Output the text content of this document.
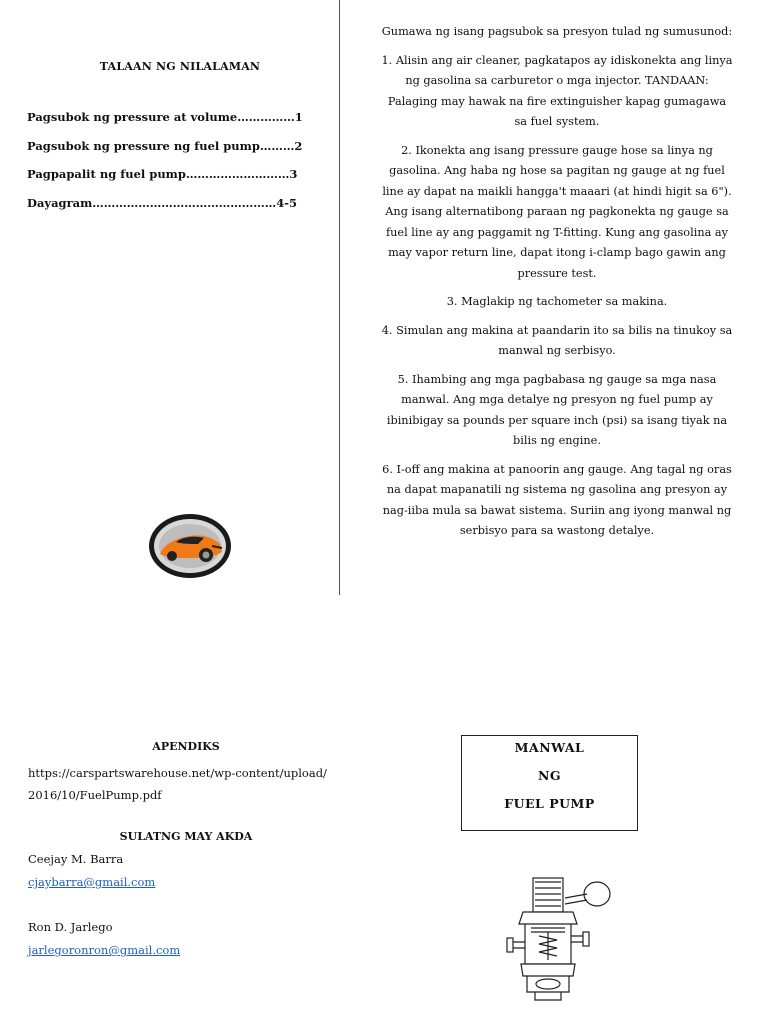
TALAAN NG NILALAMAN
Pagsubok ng pressure at volume……………1
Pagsubok ng pressure ng fuel pump………2
Pagpapalit ng fuel pump………………………3
Dayagram…………………………………………4-5

Gumawa ng isang pagsubok sa presyon tulad ng sumusunod:

1. Alisin ang air cleaner, pagkatapos ay idiskonekta ang linya ng gasolina sa carburetor o mga injector. TANDAAN: Palaging may hawak na fire extinguisher kapag gumagawa sa fuel system.

2. Ikonekta ang isang pressure gauge hose sa linya ng gasolina. Ang haba ng hose sa pagitan ng gauge at ng fuel line ay dapat na maikli hangga't maaari (at hindi higit sa 6"). Ang isang alternatibong paraan ng pagkonekta ng gauge sa fuel line ay ang paggamit ng T-fitting. Kung ang gasolina ay may vapor return line, dapat itong i-clamp bago gawin ang pressure test.

3. Maglakip ng tachometer sa makina.

4. Simulan ang makina at paandarin ito sa bilis na tinukoy sa manwal ng serbisyo.

5. Ihambing ang mga pagbabasa ng gauge sa mga nasa manwal. Ang mga detalye ng presyon ng fuel pump ay ibinibigay sa pounds per square inch (psi) sa isang tiyak na bilis ng engine.

6. I-off ang makina at panoorin ang gauge. Ang tagal ng oras na dapat mapanatili ng sistema ng gasolina ang presyon ay nag-iiba mula sa bawat sistema. Suriin ang iyong manwal ng serbisyo para sa wastong detalye.

APENDIKS
https://carspartswarehouse.net/wp-content/upload/
2016/10/FuelPump.pdf
SULATNG MAY AKDA
Ceejay M. Barra
cjaybarra@gmail.com
Ron D. Jarlego
jarlegoronron@gmail.com
MANWAL
NG
FUEL PUMP
